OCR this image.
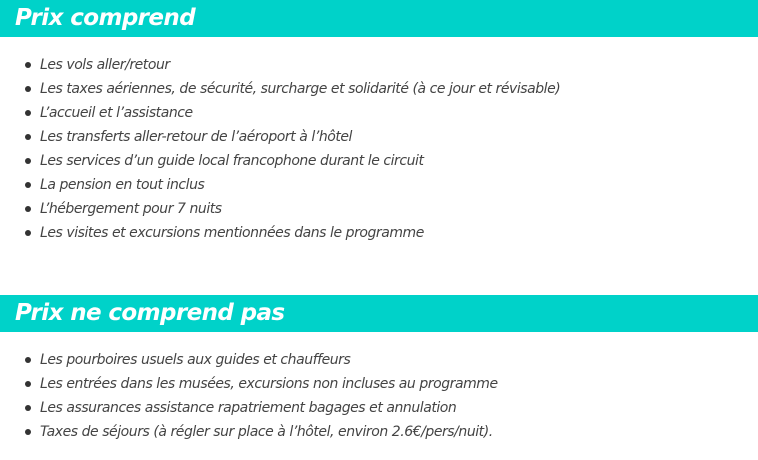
Prix comprend
Les vols aller/retour
Les taxes aériennes, de sécurité, surcharge et solidarité (à ce jour et révisable)
L’accueil et l’assistance
Les transferts aller-retour de l’aéroport à l’hôtel
Les services d’un guide local francophone durant le circuit
La pension en tout inclus
L’hébergement pour 7 nuits
Les visites et excursions mentionnées dans le programme
Prix ne comprend pas
Les pourboires usuels aux guides et chauffeurs
Les entrées dans les musées, excursions non incluses au programme
Les assurances assistance rapatriement bagages et annulation
Taxes de séjours (à régler sur place à l’hôtel, environ 2.6€/pers/nuit).
